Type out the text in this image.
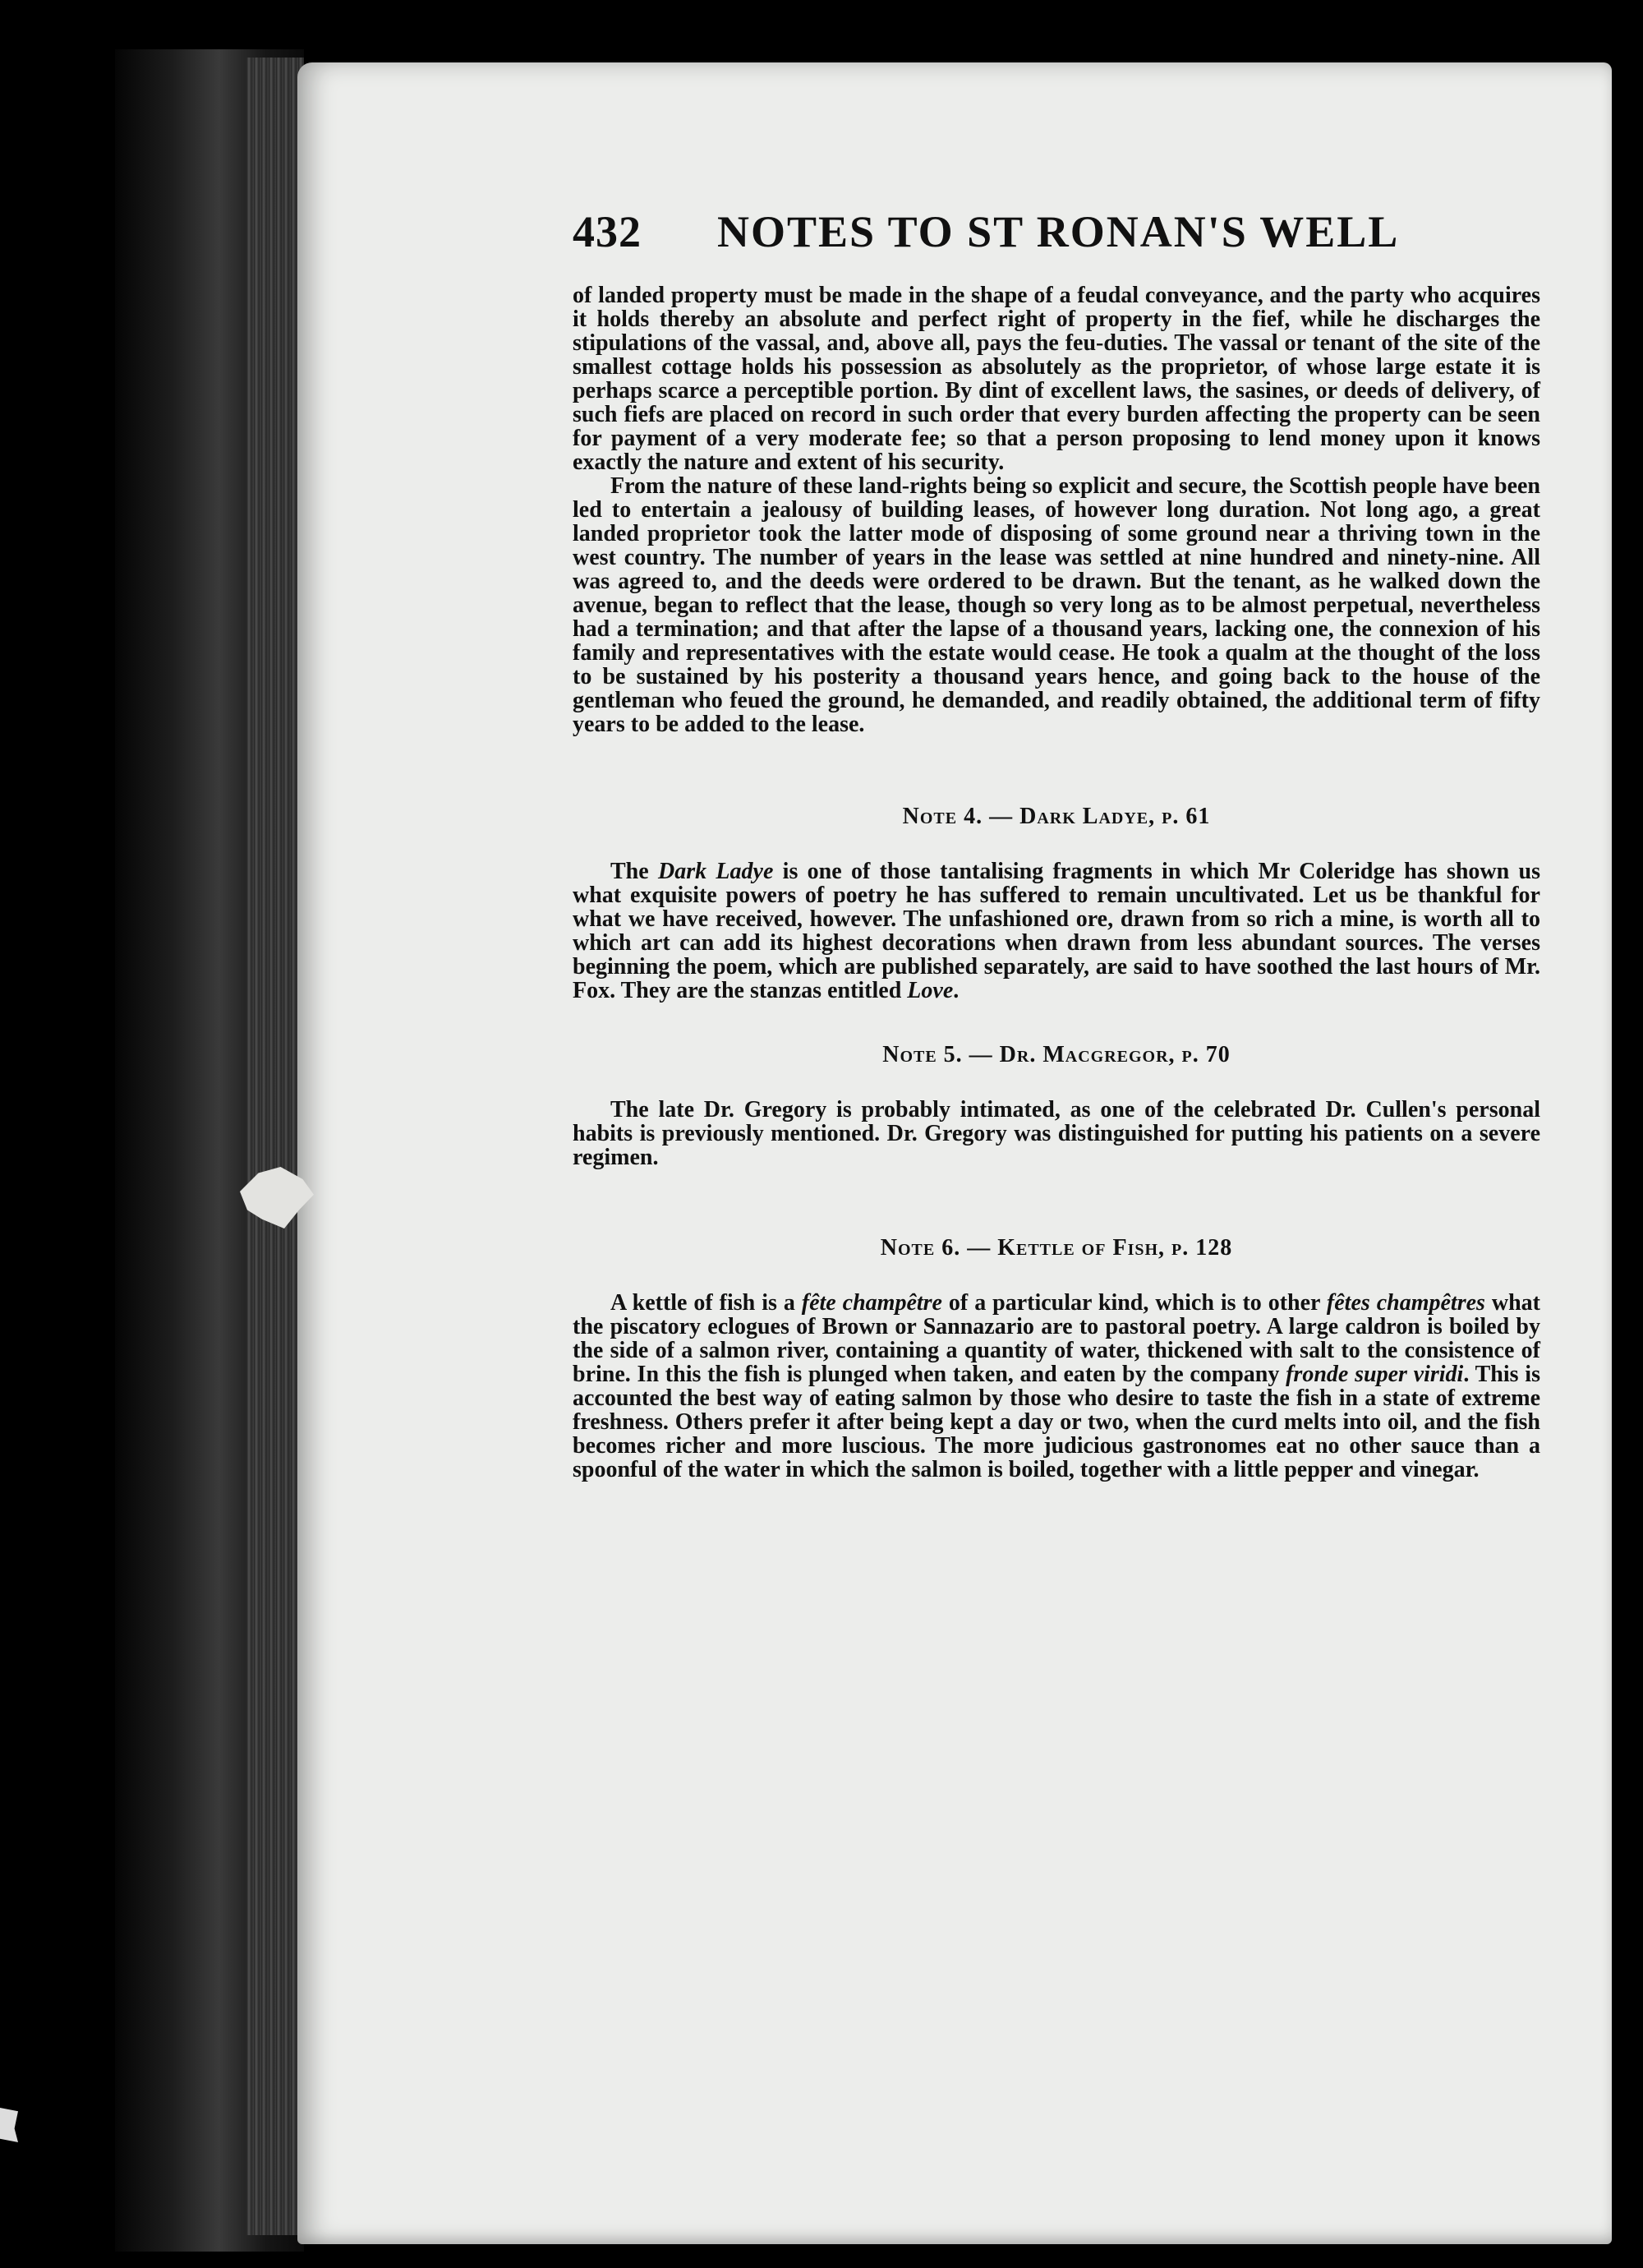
432 NOTES TO ST RONAN'S WELL

of landed property must be made in the shape of a feudal conveyance, and the party who acquires it holds thereby an absolute and perfect right of property in the fief, while he discharges the stipulations of the vassal, and, above all, pays the feu-duties. The vassal or tenant of the site of the smallest cottage holds his possession as absolutely as the proprietor, of whose large estate it is perhaps scarce a perceptible portion. By dint of excellent laws, the sasines, or deeds of delivery, of such fiefs are placed on record in such order that every burden affecting the property can be seen for payment of a very moderate fee; so that a person proposing to lend money upon it knows exactly the nature and extent of his security.

From the nature of these land-rights being so explicit and secure, the Scottish people have been led to entertain a jealousy of building leases, of however long duration. Not long ago, a great landed proprietor took the latter mode of disposing of some ground near a thriving town in the west country. The number of years in the lease was settled at nine hundred and ninety-nine. All was agreed to, and the deeds were ordered to be drawn. But the tenant, as he walked down the avenue, began to reflect that the lease, though so very long as to be almost perpetual, nevertheless had a termination; and that after the lapse of a thousand years, lacking one, the connexion of his family and representatives with the estate would cease. He took a qualm at the thought of the loss to be sustained by his posterity a thousand years hence, and going back to the house of the gentleman who feued the ground, he demanded, and readily obtained, the additional term of fifty years to be added to the lease.

Note 4. — Dark Ladye, p. 61

The Dark Ladye is one of those tantalising fragments in which Mr Coleridge has shown us what exquisite powers of poetry he has suffered to remain uncultivated. Let us be thankful for what we have received, however. The unfashioned ore, drawn from so rich a mine, is worth all to which art can add its highest decorations when drawn from less abundant sources. The verses beginning the poem, which are published separately, are said to have soothed the last hours of Mr. Fox. They are the stanzas entitled Love.

Note 5. — Dr. Macgregor, p. 70

The late Dr. Gregory is probably intimated, as one of the celebrated Dr. Cullen's personal habits is previously mentioned. Dr. Gregory was distinguished for putting his patients on a severe regimen.

Note 6. — Kettle of Fish, p. 128

A kettle of fish is a fête champêtre of a particular kind, which is to other fêtes champêtres what the piscatory eclogues of Brown or Sannazario are to pastoral poetry. A large caldron is boiled by the side of a salmon river, containing a quantity of water, thickened with salt to the consistence of brine. In this the fish is plunged when taken, and eaten by the company fronde super viridi. This is accounted the best way of eating salmon by those who desire to taste the fish in a state of extreme freshness. Others prefer it after being kept a day or two, when the curd melts into oil, and the fish becomes richer and more luscious. The more judicious gastronomes eat no other sauce than a spoonful of the water in which the salmon is boiled, together with a little pepper and vinegar.
